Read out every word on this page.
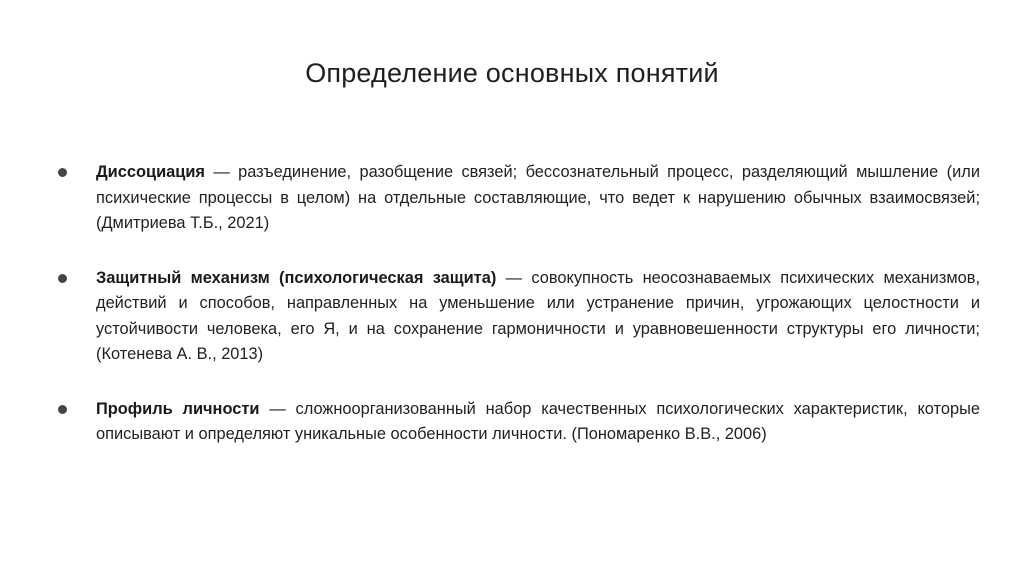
Определение основных понятий
Диссоциация — разъединение, разобщение связей; бессознательный процесс, разделяющий мышление (или психические процессы в целом) на отдельные составляющие, что ведет к нарушению обычных взаимосвязей; (Дмитриева Т.Б., 2021)
Защитный механизм (психологическая защита) — совокупность неосознаваемых психических механизмов, действий и способов, направленных на уменьшение или устранение причин, угрожающих целостности и устойчивости человека, его Я, и на сохранение гармоничности и уравновешенности структуры его личности; (Котенева А. В., 2013)
Профиль личности — сложноорганизованный набор качественных психологических характеристик, которые описывают и определяют уникальные особенности личности. (Пономаренко В.В., 2006)
